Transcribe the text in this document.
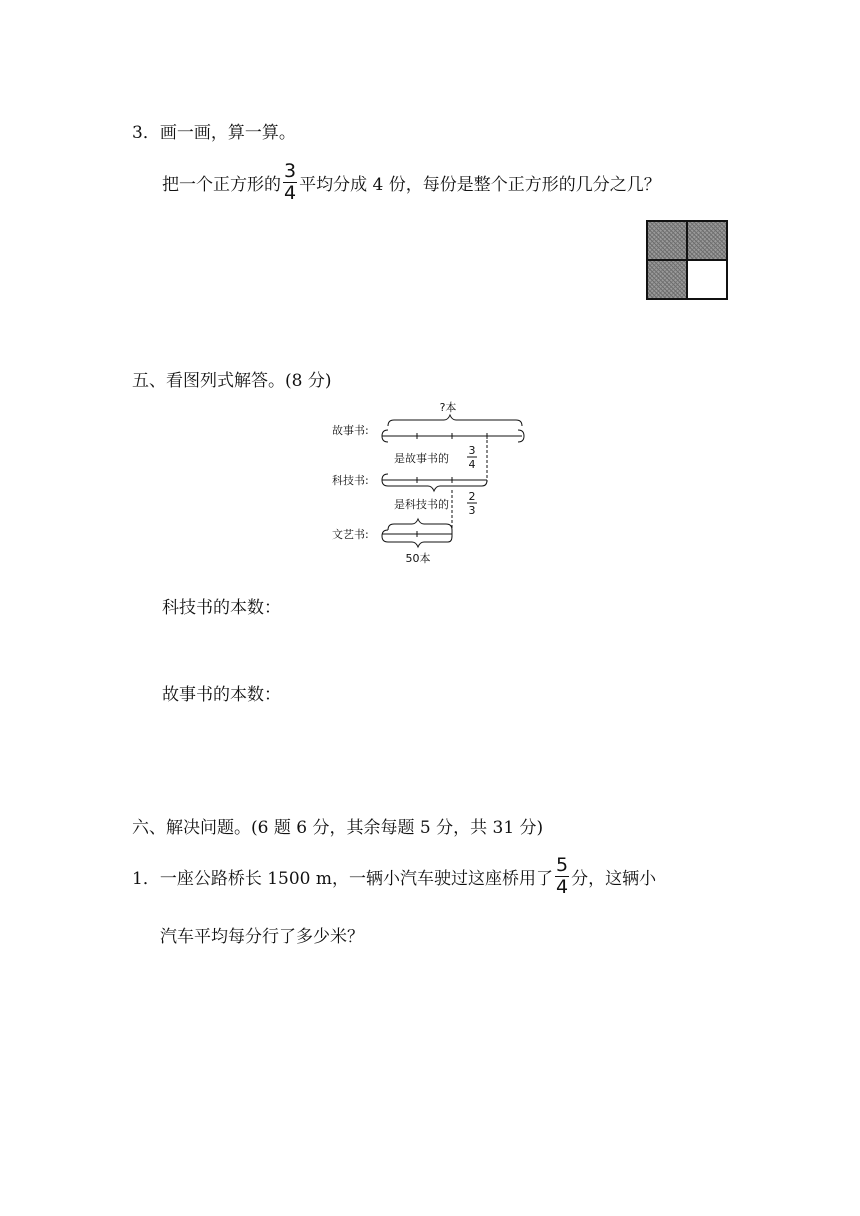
3．画一画，算一算。
把一个正方形的 $\frac{3}{4}$ 平均分成 4 份，每份是整个正方形的几分之几？
五、看图列式解答。(8 分)
?本
故事书:
是故事书的
3
4
科技书:
是科技书的
2
3
文艺书:
50本
科技书的本数：
故事书的本数：
六、解决问题。(6 题 6 分，其余每题 5 分，共 31 分)
1．一座公路桥长 1500 m，一辆小汽车驶过这座桥用了 $\frac{5}{4}$ 分，这辆小
汽车平均每分行了多少米？
